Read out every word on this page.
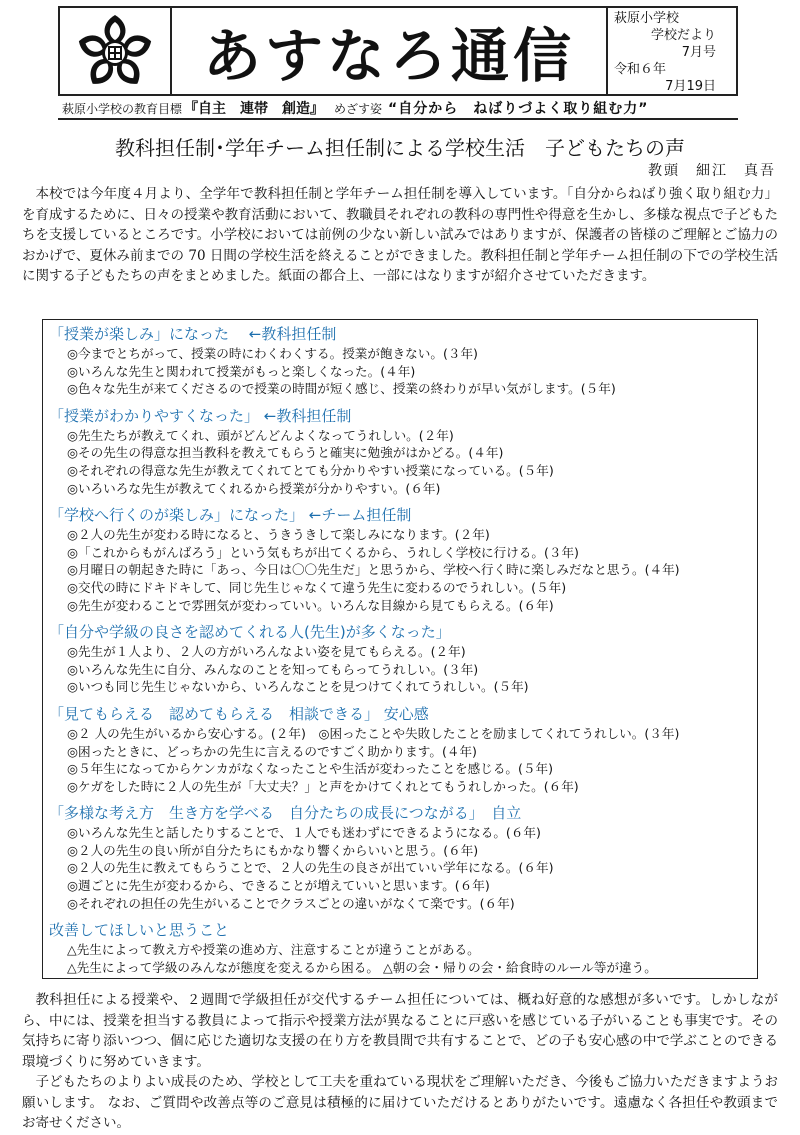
あすなろ通信
萩原小学校
学校だより
7月号
令和６年
7月19日
萩原小学校の教育目標 『自主　連帯　創造』 めざす姿 “自分から　ねばりづよく取り組む力”
教科担任制･学年チーム担任制による学校生活　子どもたちの声
教頭　細江　真吾

本校では今年度４月より、全学年で教科担任制と学年チーム担任制を導入しています。「自分からねばり強く取り組む力」を育成するために、日々の授業や教育活動において、教職員それぞれの教科の専門性や得意を生かし、多様な視点で子どもたちを支援しているところです。小学校においては前例の少ない新しい試みではありますが、保護者の皆様のご理解とご協力のおかげで、夏休み前までの 70 日間の学校生活を終えることができました。教科担任制と学年チーム担任制の下での学校生活に関する子どもたちの声をまとめました。紙面の都合上、一部にはなりますが紹介させていただきます。

「授業が楽しみ」になった　 ←教科担任制
◎今までとちがって、授業の時にわくわくする。授業が飽きない。(３年)
◎いろんな先生と関われて授業がもっと楽しくなった。(４年)
◎色々な先生が来てくださるので授業の時間が短く感じ、授業の終わりが早い気がします。(５年)
「授業がわかりやすくなった」 ←教科担任制
◎先生たちが教えてくれ、頭がどんどんよくなってうれしい。(２年)
◎その先生の得意な担当教科を教えてもらうと確実に勉強がはかどる。(４年)
◎それぞれの得意な先生が教えてくれてとても分かりやすい授業になっている。(５年)
◎いろいろな先生が教えてくれるから授業が分かりやすい。(６年)
「学校へ行くのが楽しみ」になった」 ←チーム担任制
◎２人の先生が変わる時になると、うきうきして楽しみになります。(２年)
◎「これからもがんばろう」という気もちが出てくるから、うれしく学校に行ける。(３年)
◎月曜日の朝起きた時に「あっ、今日は〇〇先生だ」と思うから、学校へ行く時に楽しみだなと思う。(４年)
◎交代の時にドキドキして、同じ先生じゃなくて違う先生に変わるのでうれしい。(５年)
◎先生が変わることで雰囲気が変わっていい。いろんな目線から見てもらえる。(６年)
「自分や学級の良さを認めてくれる人(先生)が多くなった」
◎先生が１人より、２人の方がいろんなよい姿を見てもらえる。(２年)
◎いろんな先生に自分、みんなのことを知ってもらってうれしい。(３年)
◎いつも同じ先生じゃないから、いろんなことを見つけてくれてうれしい。(５年)
「見てもらえる　認めてもらえる　相談できる」 安心感
◎２ 人の先生がいるから安心する。(２年)　◎困ったことや失敗したことを励ましてくれてうれしい。(３年)
◎困ったときに、どっちかの先生に言えるのですごく助かります。(４年)
◎５年生になってからケンカがなくなったことや生活が変わったことを感じる。(５年)
◎ケガをした時に２人の先生が「大丈夫？」と声をかけてくれとてもうれしかった。(６年)
「多様な考え方　生き方を学べる　自分たちの成長につながる」　自立
◎いろんな先生と話したりすることで、１人でも迷わずにできるようになる。(６年)
◎２人の先生の良い所が自分たちにもかなり響くからいいと思う。(６年)
◎２人の先生に教えてもらうことで、２人の先生の良さが出ていい学年になる。(６年)
◎週ごとに先生が変わるから、できることが増えていいと思います。(６年)
◎それぞれの担任の先生がいることでクラスごとの違いがなくて楽です。(６年)
改善してほしいと思うこと
△先生によって教え方や授業の進め方、注意することが違うことがある。
△先生によって学級のみんなが態度を変えるから困る。 △朝の会・帰りの会・給食時のルール等が違う。

教科担任による授業や、２週間で学級担任が交代するチーム担任については、概ね好意的な感想が多いです。しかしながら、中には、授業を担当する教員によって指示や授業方法が異なることに戸惑いを感じている子がいることも事実です。その気持ちに寄り添いつつ、個に応じた適切な支援の在り方を教員間で共有することで、どの子も安心感の中で学ぶことのできる環境づくりに努めていきます。

子どもたちのよりよい成長のため、学校として工夫を重ねている現状をご理解いただき、今後もご協力いただきますようお願いします。 なお、ご質問や改善点等のご意見は積極的に届けていただけるとありがたいです。遠慮なく各担任や教頭までお寄せください。
